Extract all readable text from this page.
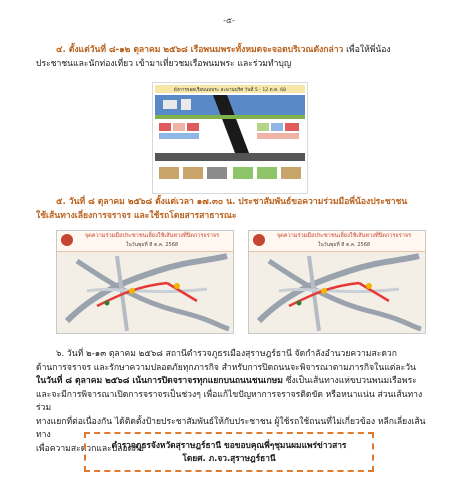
-๕-
๔. ตั้งแต่วันที่ ๘-๑๒ ตุลาคม ๒๕๖๘ เรือพนมพระทั้งหมดจะจอดบริเวณดังกล่าว เพื่อให้พี่น้อง
ประชาชนและนักท่องเที่ยว เข้ามาเที่ยวชมเรือพนมพระ และร่วมทำบุญ
ผังการจอดเรือพนมพระ สะพานนริศ วันที่ 5 - 12 ต.ค. 68
๕. วันที่ ๘ ตุลาคม ๒๕๖๘ ตั้งแต่เวลา ๑๗.๓๐ น. ประชาสัมพันธ์ขอความร่วมมือพี่น้องประชาชน
ใช้เส้นทางเลี่ยงการจราจร และใช้รถโดยสารสาธารณะ
จุดความร่วมมือประชาชนเลี่ยงใช้เส้นทางที่ปิดการจราจร
ในวันพุธที่ 8 ต.ค. 2568
จุดความร่วมมือประชาชนเลี่ยงใช้เส้นทางที่ปิดการจราจร
ในวันพุธที่ 8 ต.ค. 2568
๖. วันที่ ๒-๑๓ ตุลาคม ๒๕๖๘ สถานีตำรวจภูธรเมืองสุราษฎร์ธานี จัดกำลังอำนวยความสะดวก
ด้านการจราจร และรักษาความปลอดภัยทุกภารกิจ สำหรับการปิดถนนจะพิจารณาตามภารกิจในแต่ละวัน
ในวันที่ ๘ ตุลาคม ๒๕๖๘ เน้นการปิดจราจรทุกแยกบนถนนชนเกษม ซึ่งเป็นเส้นทางแห่ขบวนพนมเรือพระ
และจะมีการพิจารณาเปิดการจราจรเป็นช่วงๆ เพื่อแก้ไขปัญหาการจราจรติดขัด หรือหนาแน่น ส่วนเส้นทางร่วม
ทางแยกที่ต่อเนื่องกัน ได้ติดตั้งป้ายประชาสัมพันธ์ให้กับประชาชน ผู้ใช้รถใช้ถนนที่ไม่เกี่ยวข้อง หลีกเลี่ยงเส้นทาง
เพื่อความสะดวกและปลอดภัย
ตำรวจภูธรจังหวัดสุราษฎร์ธานี ขอขอบคุณพี่ๆชุมนผมแพร่ข่าวสาร
โดยศ. ภ.จว.สุราษฎร์ธานี
